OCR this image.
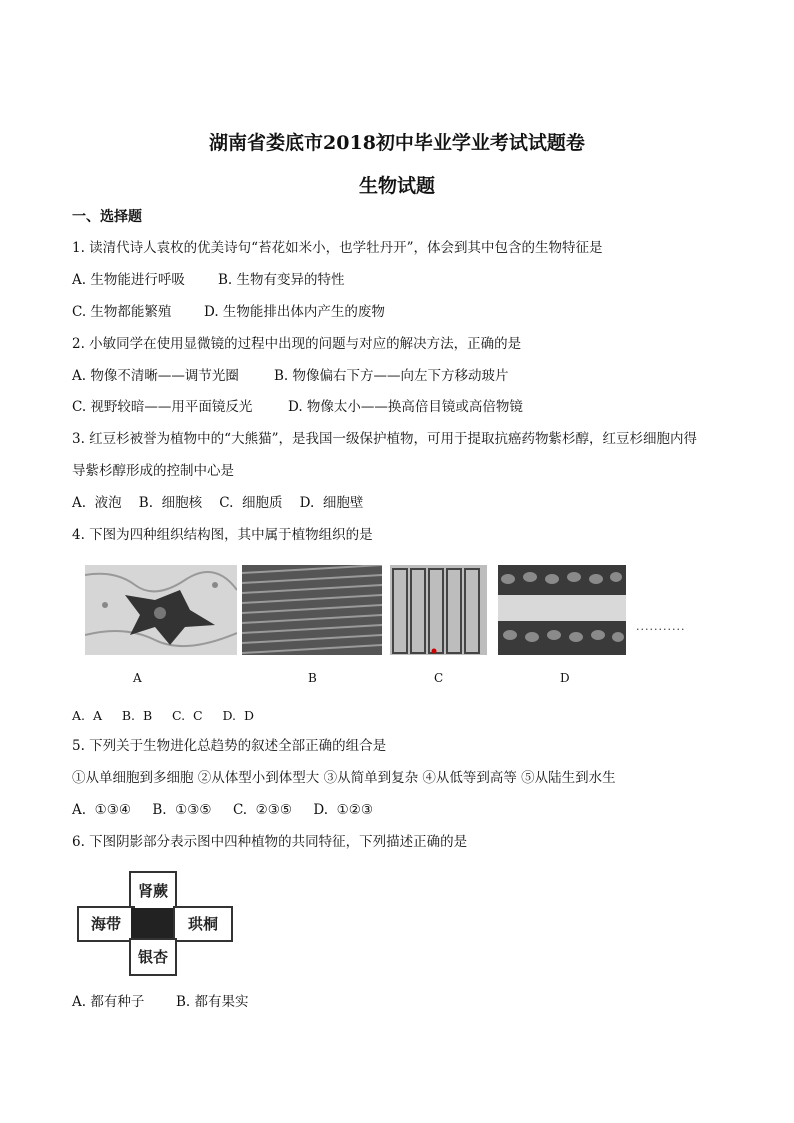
湖南省娄底市2018初中毕业学业考试试题卷
生物试题
一、选择题
1. 读清代诗人袁枚的优美诗句“苔花如米小，也学牡丹开”，体会到其中包含的生物特征是
A. 生物能进行呼吸 B. 生物有变异的特性
C. 生物都能繁殖 D. 生物能排出体内产生的废物
2. 小敏同学在使用显微镜的过程中出现的问题与对应的解决方法，正确的是
A. 物像不清晰——调节光圈	B. 物像偏右下方——向左下方移动玻片
C. 视野较暗——用平面镜反光	D. 物像太小——换高倍目镜或高倍物镜
3. 红豆杉被誉为植物中的“大熊猫”，是我国一级保护植物，可用于提取抗癌药物紫杉醇，红豆杉细胞内得
导紫杉醇形成的控制中心是
A.  液泡    B.  细胞核    C.  细胞质    D.  细胞壁
4. 下图为四种组织结构图，其中属于植物组织的是
...........
A	B	C	D
A.  A     B.  B     C.  C     D.  D
5. 下列关于生物进化总趋势的叙述全部正确的组合是
①从单细胞到多细胞 ②从体型小到体型大 ③从简单到复杂 ④从低等到高等 ⑤从陆生到水生
A.  ①③④     B.  ①③⑤     C.  ②③⑤     D.  ①②③
6. 下图阴影部分表示图中四种植物的共同特征，下列描述正确的是
肾蕨
海带	珙桐
银杏
A. 都有种子 B. 都有果实
